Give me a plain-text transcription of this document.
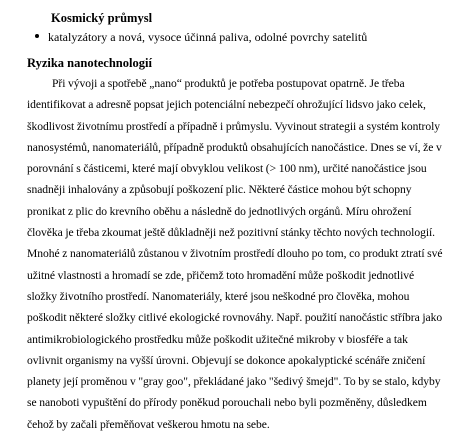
Kosmický průmysl
katalyzátory a nová, vysoce účinná paliva, odolné povrchy satelitů
Ryzika nanotechnologií

Při vývoji a spotřebě „nano“ produktů je potřeba postupovat opatrně. Je třeba identifikovat a adresně popsat jejich potenciální nebezpečí ohrožující lidsvo jako celek, škodlivost životnímu prostředí a případně i průmyslu. Vyvinout strategii a systém kontroly nanosystémů, nanomateriálů, případně produktů obsahujících nanočástice. Dnes se ví, že v porovnání s částicemi, které mají obvyklou velikost (> 100 nm), určité nanočástice jsou snadněji inhalovány a způsobují poškození plic. Některé částice mohou být schopny pronikat z plic do krevního oběhu a následně do jednotlivých orgánů. Míru ohrožení člověka je třeba zkoumat ještě důkladněji než pozitivní stánky těchto nových technologií. Mnohé z nanomateriálů zůstanou v životním prostředí dlouho po tom, co produkt ztratí své užitné vlastnosti a hromadí se zde, přičemž toto hromadění může poškodit jednotlivé složky životního prostředí. Nanomateriály, které jsou neškodné pro člověka, mohou poškodit některé složky citlivé ekologické rovnováhy. Např. použití nanočástic stříbra jako antimikrobiologického prostředku může poškodit užitečné mikroby v biosféře a tak ovlivnit organismy na vyšší úrovni. Objevují se dokonce apokalyptické scénáře zničení planety její proměnou v "gray goo", překládané jako "šedivý šmejd". To by se stalo, kdyby se nanoboti vypuštění do přírody poněkud porouchali nebo byli pozměněny, důsledkem čehož by začali přeměňovat veškerou hmotu na sebe.
